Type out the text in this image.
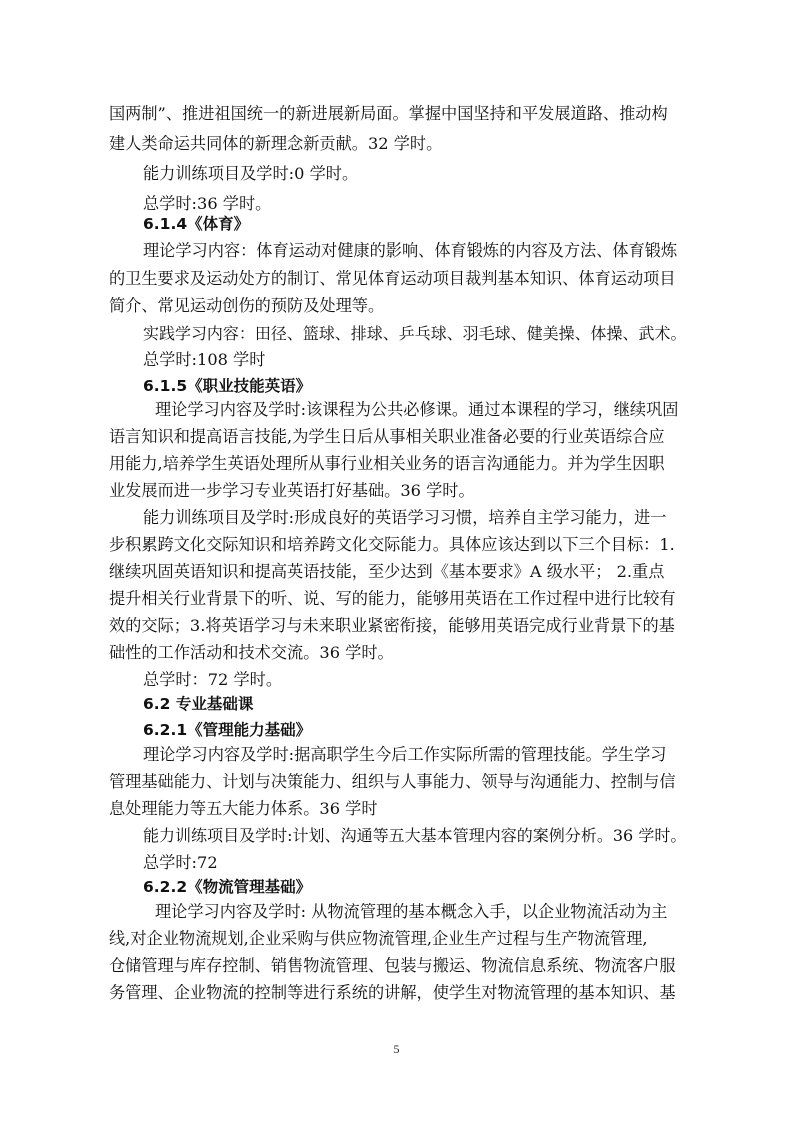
国两制”、推进祖国统一的新进展新局面。掌握中国坚持和平发展道路、推动构
建人类命运共同体的新理念新贡献。32 学时。
能力训练项目及学时:0 学时。
总学时:36 学时。
6.1.4《体育》
理论学习内容：体育运动对健康的影响、体育锻炼的内容及方法、体育锻炼
的卫生要求及运动处方的制订、常见体育运动项目裁判基本知识、体育运动项目
简介、常见运动创伤的预防及处理等。
实践学习内容：田径、篮球、排球、乒乓球、羽毛球、健美操、体操、武术。
总学时:108 学时
6.1.5《职业技能英语》
理论学习内容及学时:该课程为公共必修课。通过本课程的学习，继续巩固
语言知识和提高语言技能,为学生日后从事相关职业准备必要的行业英语综合应
用能力,培养学生英语处理所从事行业相关业务的语言沟通能力。并为学生因职
业发展而进一步学习专业英语打好基础。36 学时。
能力训练项目及学时:形成良好的英语学习习惯，培养自主学习能力，进一
步积累跨文化交际知识和培养跨文化交际能力。具体应该达到以下三个目标：1.
继续巩固英语知识和提高英语技能，至少达到《基本要求》A 级水平； 2.重点
提升相关行业背景下的听、说、写的能力，能够用英语在工作过程中进行比较有
效的交际；3.将英语学习与未来职业紧密衔接，能够用英语完成行业背景下的基
础性的工作活动和技术交流。36 学时。
总学时：72 学时。
6.2 专业基础课
6.2.1《管理能力基础》
理论学习内容及学时:据高职学生今后工作实际所需的管理技能。学生学习
管理基础能力、计划与决策能力、组织与人事能力、领导与沟通能力、控制与信
息处理能力等五大能力体系。36 学时
能力训练项目及学时:计划、沟通等五大基本管理内容的案例分析。36 学时。
总学时:72
6.2.2《物流管理基础》
理论学习内容及学时: 从物流管理的基本概念入手，以企业物流活动为主
线,对企业物流规划,企业采购与供应物流管理,企业生产过程与生产物流管理,
仓储管理与库存控制、销售物流管理、包装与搬运、物流信息系统、物流客户服
务管理、企业物流的控制等进行系统的讲解，使学生对物流管理的基本知识、基
5
